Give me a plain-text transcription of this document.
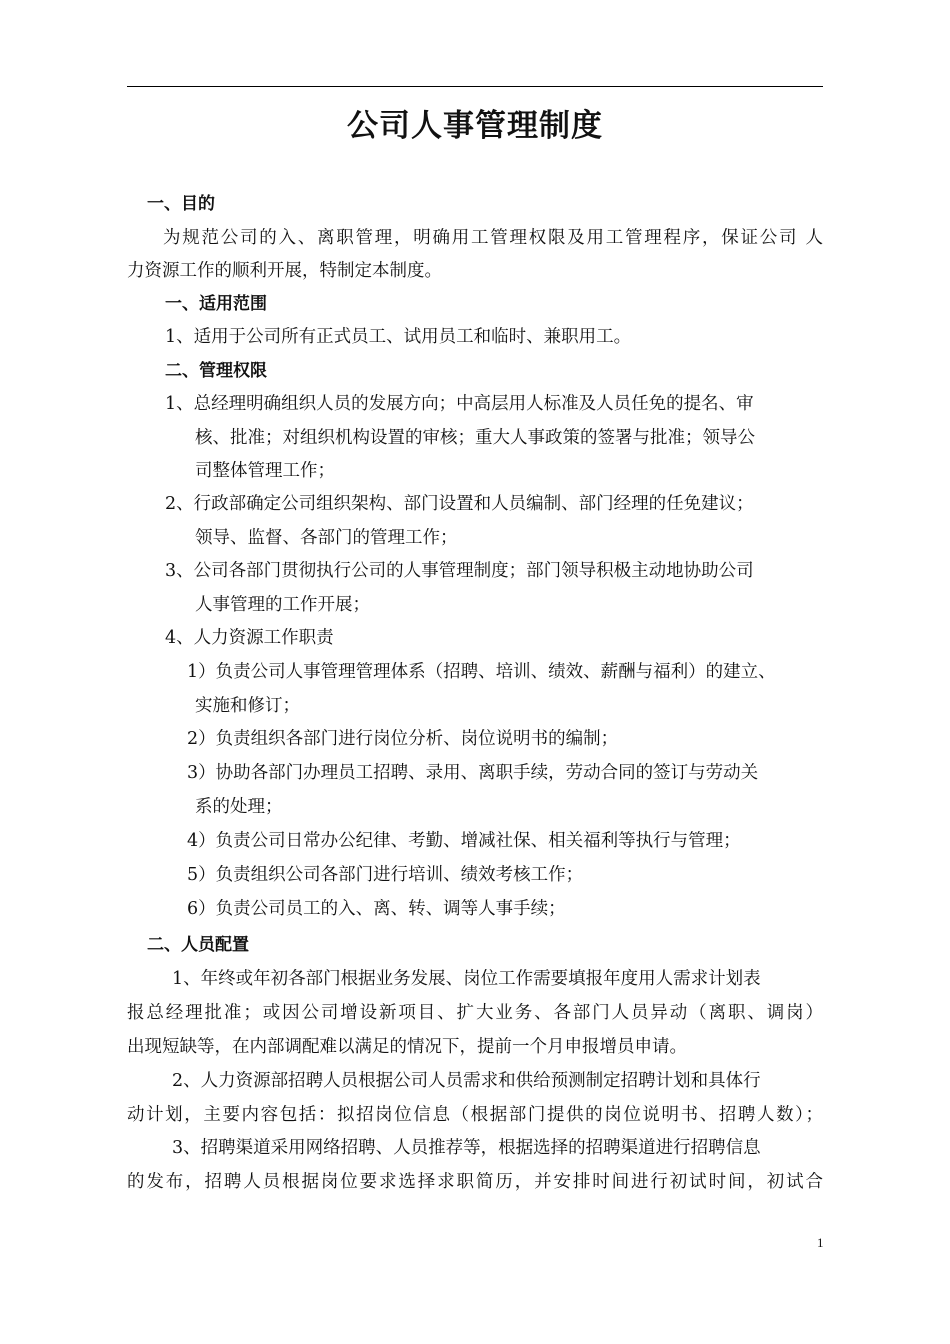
公司人事管理制度
一、目的
为规范公司的入、离职管理，明确用工管理权限及用工管理程序，保证公司 人
力资源工作的顺利开展，特制定本制度。
一、适用范围
1、适用于公司所有正式员工、试用员工和临时、兼职用工。
二、管理权限
1、总经理明确组织人员的发展方向；中高层用人标准及人员任免的提名、审
核、批准；对组织机构设置的审核；重大人事政策的签署与批准；领导公
司整体管理工作；
2、行政部确定公司组织架构、部门设置和人员编制、部门经理的任免建议；
领导、监督、各部门的管理工作；
3、公司各部门贯彻执行公司的人事管理制度；部门领导积极主动地协助公司
人事管理的工作开展；
4、人力资源工作职责
1）负责公司人事管理管理体系（招聘、培训、绩效、薪酬与福利）的建立、
实施和修订；
2）负责组织各部门进行岗位分析、岗位说明书的编制；
3）协助各部门办理员工招聘、录用、离职手续，劳动合同的签订与劳动关
系的处理；
4）负责公司日常办公纪律、考勤、增减社保、相关福利等执行与管理；
5）负责组织公司各部门进行培训、绩效考核工作；
6）负责公司员工的入、离、转、调等人事手续；
二、人员配置
1、年终或年初各部门根据业务发展、岗位工作需要填报年度用人需求计划表
报总经理批准；或因公司增设新项目、扩大业务、各部门人员异动（离职、调岗）
出现短缺等，在内部调配难以满足的情况下，提前一个月申报增员申请。
2、人力资源部招聘人员根据公司人员需求和供给预测制定招聘计划和具体行
动计划，主要内容包括：拟招岗位信息（根据部门提供的岗位说明书、招聘人数）；
3、招聘渠道采用网络招聘、人员推荐等，根据选择的招聘渠道进行招聘信息
的发布，招聘人员根据岗位要求选择求职简历，并安排时间进行初试时间，初试合
1
